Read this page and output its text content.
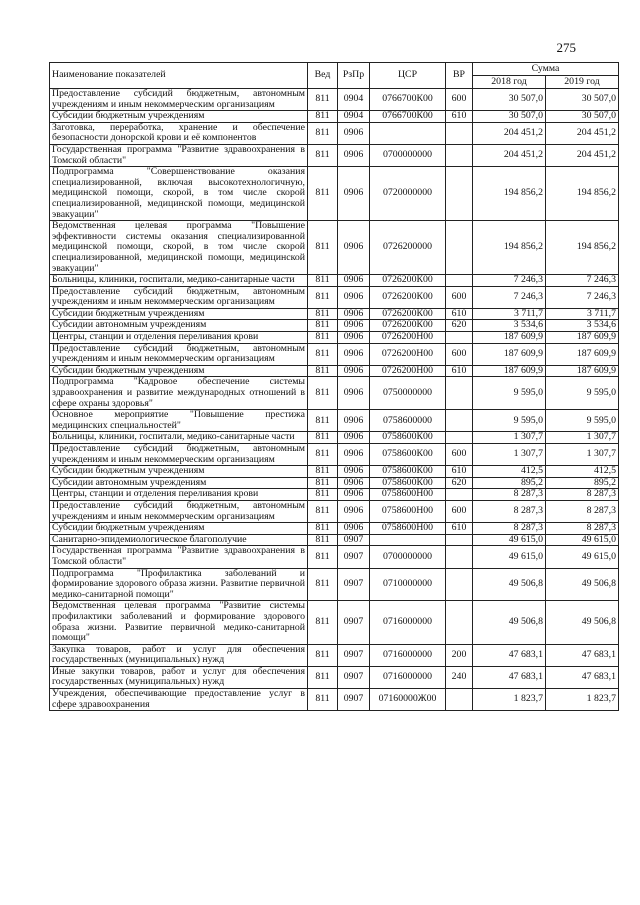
275
Наименование показателей	Вед	РзПр	ЦСР	ВР	Сумма	
					2018 год	2019 год
Предоставление субсидий бюджетным, автономным учреждениям и иным некоммерческим организациям	811	0904	0766700К00	600	30 507,0	30 507,0
Субсидии бюджетным учреждениям	811	0904	0766700К00	610	30 507,0	30 507,0
Заготовка, переработка, хранение и обеспечение безопасности донорской крови и её компонентов	811	0906			204 451,2	204 451,2
Государственная программа "Развитие здравоохранения в Томской области"	811	0906	0700000000		204 451,2	204 451,2
Подпрограмма "Совершенствование оказания специализированной, включая высокотехнологичную, медицинской помощи, скорой, в том числе скорой специализированной, медицинской помощи, медицинской эвакуации"	811	0906	0720000000		194 856,2	194 856,2
Ведомственная целевая программа "Повышение эффективности системы оказания специализированной медицинской помощи, скорой, в том числе скорой специализированной, медицинской помощи, медицинской эвакуации"	811	0906	0726200000		194 856,2	194 856,2
Больницы, клиники, госпитали, медико-санитарные части	811	0906	0726200К00		7 246,3	7 246,3
Предоставление субсидий бюджетным, автономным учреждениям и иным некоммерческим организациям	811	0906	0726200К00	600	7 246,3	7 246,3
Субсидии бюджетным учреждениям	811	0906	0726200К00	610	3 711,7	3 711,7
Субсидии автономным учреждениям	811	0906	0726200К00	620	3 534,6	3 534,6
Центры, станции и отделения переливания крови	811	0906	0726200Н00		187 609,9	187 609,9
Предоставление субсидий бюджетным, автономным учреждениям и иным некоммерческим организациям	811	0906	0726200Н00	600	187 609,9	187 609,9
Субсидии бюджетным учреждениям	811	0906	0726200Н00	610	187 609,9	187 609,9
Подпрограмма "Кадровое обеспечение системы здравоохранения и развитие международных отношений в сфере охраны здоровья"	811	0906	0750000000		9 595,0	9 595,0
Основное мероприятие "Повышение престижа медицинских специальностей"	811	0906	0758600000		9 595,0	9 595,0
Больницы, клиники, госпитали, медико-санитарные части	811	0906	0758600К00		1 307,7	1 307,7
Предоставление субсидий бюджетным, автономным учреждениям и иным некоммерческим организациям	811	0906	0758600К00	600	1 307,7	1 307,7
Субсидии бюджетным учреждениям	811	0906	0758600К00	610	412,5	412,5
Субсидии автономным учреждениям	811	0906	0758600К00	620	895,2	895,2
Центры, станции и отделения переливания крови	811	0906	0758600Н00		8 287,3	8 287,3
Предоставление субсидий бюджетным, автономным учреждениям и иным некоммерческим организациям	811	0906	0758600Н00	600	8 287,3	8 287,3
Субсидии бюджетным учреждениям	811	0906	0758600Н00	610	8 287,3	8 287,3
Санитарно-эпидемиологическое благополучие	811	0907			49 615,0	49 615,0
Государственная программа "Развитие здравоохранения в Томской области"	811	0907	0700000000		49 615,0	49 615,0
Подпрограмма "Профилактика заболеваний и формирование здорового образа жизни. Развитие первичной медико-санитарной помощи"	811	0907	0710000000		49 506,8	49 506,8
Ведомственная целевая программа "Развитие системы профилактики заболеваний и формирование здорового образа жизни. Развитие первичной медико-санитарной помощи"	811	0907	0716000000		49 506,8	49 506,8
Закупка товаров, работ и услуг для обеспечения государственных (муниципальных) нужд	811	0907	0716000000	200	47 683,1	47 683,1
Иные закупки товаров, работ и услуг для обеспечения государственных (муниципальных) нужд	811	0907	0716000000	240	47 683,1	47 683,1
Учреждения, обеспечивающие предоставление услуг в сфере здравоохранения	811	0907	07160000Ж00		1 823,7	1 823,7
